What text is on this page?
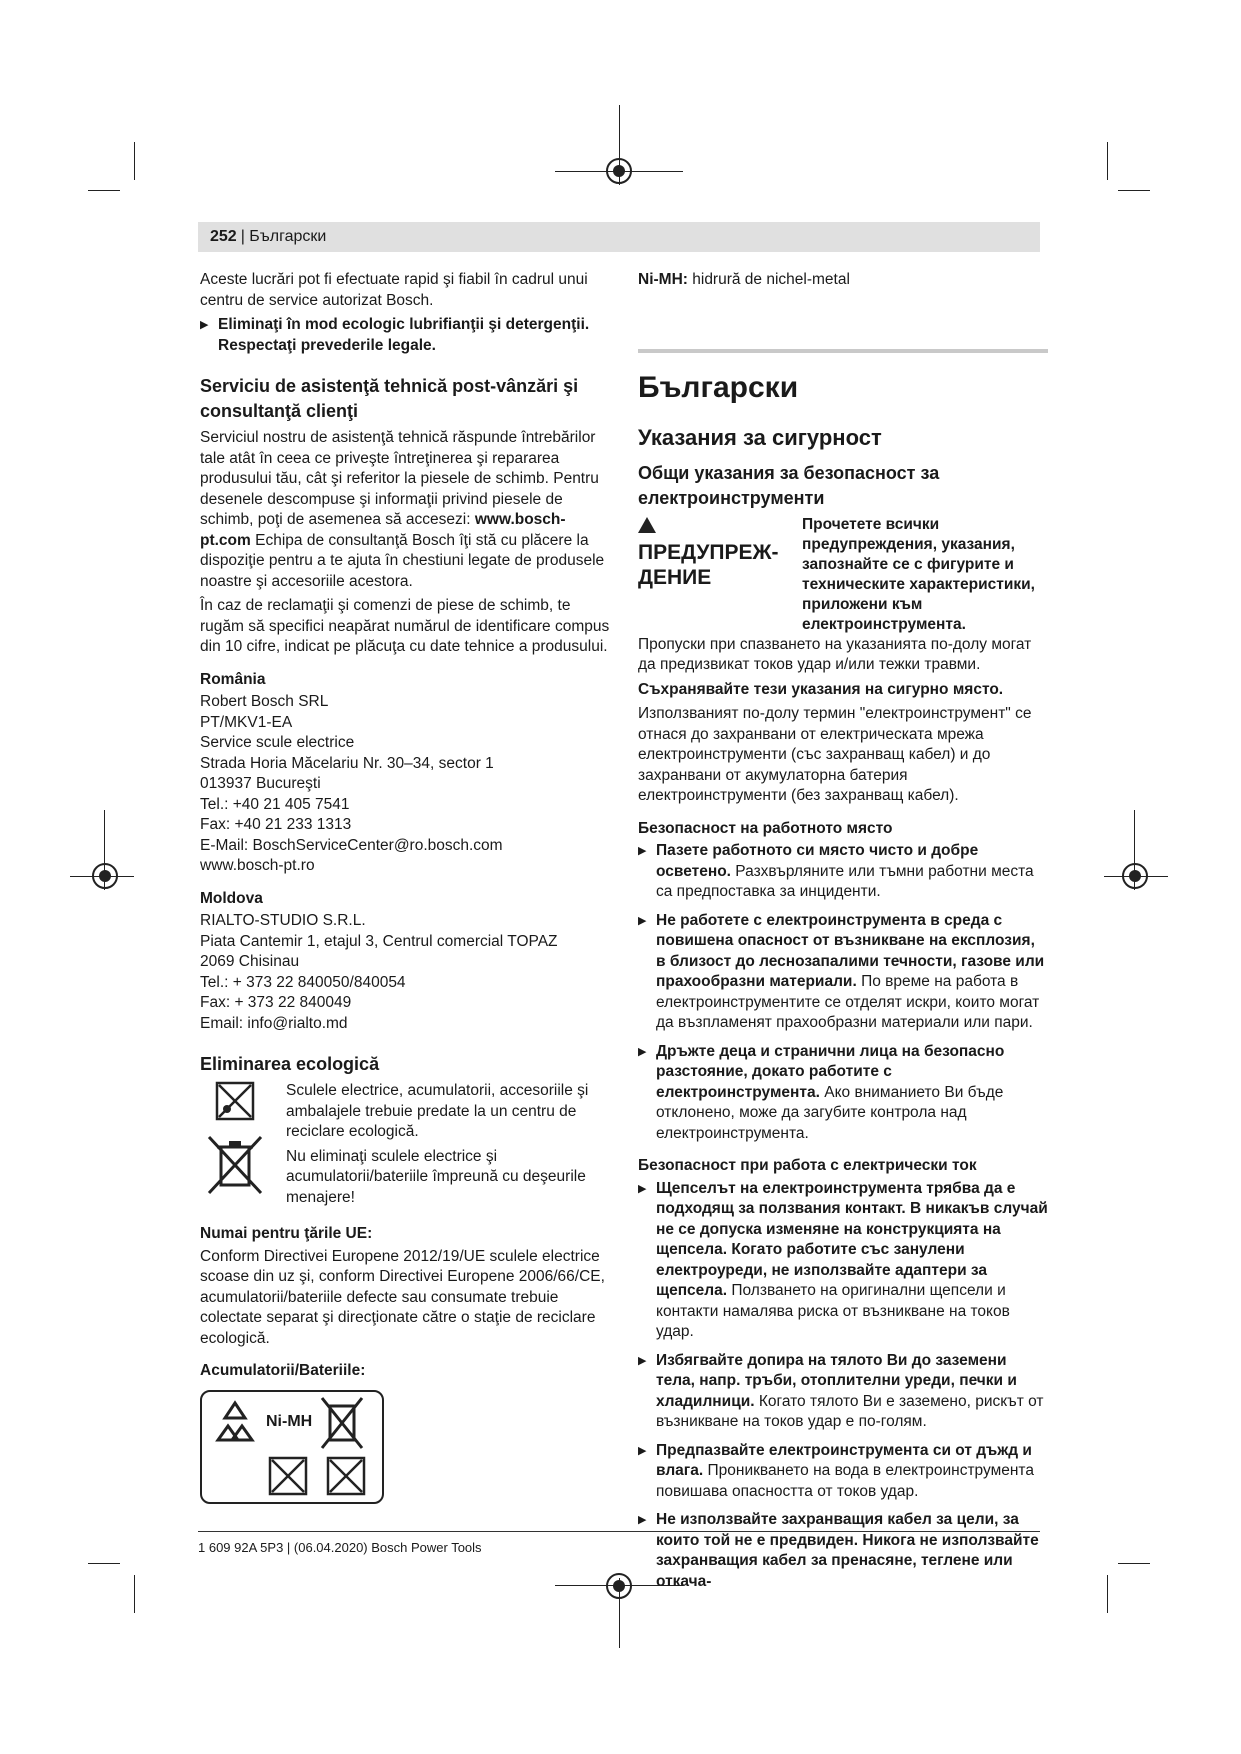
252 | Български

Aceste lucrări pot fi efectuate rapid şi fiabil în cadrul unui centru de service autorizat Bosch.

▶ Eliminaţi în mod ecologic lubrifianţii şi detergenţii. Respectaţi prevederile legale.

Serviciu de asistenţă tehnică post-vânzări şi consultanţă clienţi

Serviciul nostru de asistenţă tehnică răspunde întrebărilor tale atât în ceea ce priveşte întreţinerea şi repararea produsului tău, cât şi referitor la piesele de schimb. Pentru desenele descompuse şi informaţii privind piesele de schimb, poţi de asemenea să accesezi: www.bosch-pt.com Echipa de consultanţă Bosch îţi stă cu plăcere la dispoziţie pentru a te ajuta în chestiuni legate de produsele noastre şi accesoriile acestora.

În caz de reclamaţii şi comenzi de piese de schimb, te rugăm să specifici neapărat numărul de identificare compus din 10 cifre, indicat pe plăcuţa cu date tehnice a produsului.

România
Robert Bosch SRL
PT/MKV1-EA
Service scule electrice
Strada Horia Măcelariu Nr. 30–34, sector 1
013937 Bucureşti
Tel.: +40 21 405 7541
Fax: +40 21 233 1313
E-Mail: BoschServiceCenter@ro.bosch.com
www.bosch-pt.ro
Moldova
RIALTO-STUDIO S.R.L.
Piata Cantemir 1, etajul 3, Centrul comercial TOPAZ
2069 Chisinau
Tel.: + 373 22 840050/840054
Fax: + 373 22 840049
Email: info@rialto.md
Eliminarea ecologică

Sculele electrice, acumulatorii, accesoriile şi ambalajele trebuie predate la un centru de reciclare ecologică.

Nu eliminaţi sculele electrice şi acumulatorii/bateriile împreună cu deşeurile menajere!

Numai pentru ţările UE:

Conform Directivei Europene 2012/19/UE sculele electrice scoase din uz şi, conform Directivei Europene 2006/66/CE, acumulatorii/bateriile defecte sau consumate trebuie colectate separat şi direcţionate către o staţie de reciclare ecologică.

Acumulatorii/Bateriile:
Ni-MH

Ni-MH: hidrură de nichel-metal

Български
Указания за сигурност
Общи указания за безопасност за електроинструменти
ПРЕДУПРЕЖ-ДЕНИЕ
Прочетете всички предупреждения, указания, запознайте се с фигурите и техническите характеристики, приложени към електроинструмента.

Пропуски при спазването на указанията по-долу могат да предизвикат токов удар и/или тежки травми.

Съхранявайте тези указания на сигурно място.

Използваният по-долу термин "електроинструмент" се отнася до захранвани от електрическата мрежа електроинструменти (със захранващ кабел) и до захранвани от акумулаторна батерия електроинструменти (без захранващ кабел).

Безопасност на работното място

▶ Пазете работното си място чисто и добре осветено. Разхвърляните или тъмни работни места са предпоставка за инциденти.

▶ Не работете с електроинструмента в среда с повишена опасност от възникване на експлозия, в близост до леснозапалими течности, газове или прахообразни материали. По време на работа в електроинструментите се отделят искри, които могат да възпламенят прахообразни материали или пари.

▶ Дръжте деца и странични лица на безопасно разстояние, докато работите с електроинструмента. Ако вниманието Ви бъде отклонено, може да загубите контрола над електроинструмента.

Безопасност при работа с електрически ток

▶ Щепселът на електроинструмента трябва да е подходящ за ползвания контакт. В никакъв случай не се допуска изменяне на конструкцията на щепсела. Когато работите със занулени електроуреди, не използвайте адаптери за щепсела. Ползването на оригинални щепсели и контакти намалява риска от възникване на токов удар.

▶ Избягвайте допира на тялото Ви до заземени тела, напр. тръби, отоплителни уреди, печки и хладилници. Когато тялото Ви е заземено, рискът от възникване на токов удар е по-голям.

▶ Предпазвайте електроинструмента си от дъжд и влага. Проникването на вода в електроинструмента повишава опасността от токов удар.

▶ Не използвайте захранващия кабел за цели, за които той не е предвиден. Никога не използвайте захранващия кабел за пренасяне, теглене или откача-

1 609 92A 5P3 | (06.04.2020) Bosch Power Tools
